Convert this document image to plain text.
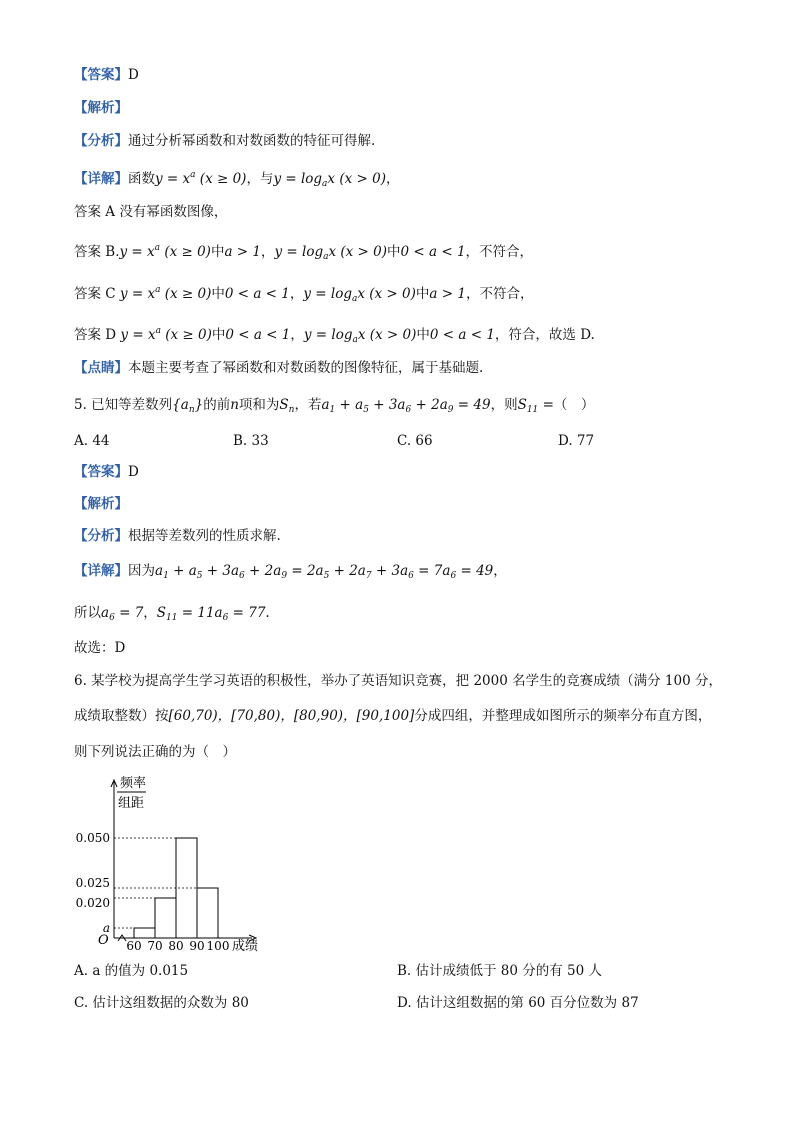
【答案】D
【解析】
【分析】通过分析幂函数和对数函数的特征可得解.
【详解】函数$y = x^a$ (x ≥ 0)，与$y = \log_ax$ (x > 0)，
答案 A 没有幂函数图像，
答案 $B.y = x^a$ (x ≥ 0)中a > 1，$y = \log_ax$ (x > 0)中0 < a < 1，不符合，
答案 C $y = x^a$ (x ≥ 0)中0 < a < 1，$y = \log_ax$ (x > 0)中a > 1，不符合，
答案 D $y = x^a$ (x ≥ 0)中0 < a < 1，$y = \log_ax$ (x > 0)中0 < a < 1，符合，故选 D.
【点睛】本题主要考查了幂函数和对数函数的图像特征，属于基础题.
5. 已知等差数列$\{a_n\}$的前n项和为$S_n$，若$a_1 + a_5 + 3a_6 + 2a_9 = 49$，则$S_{11}$ =（　）
A. 44	B. 33	C. 66	D. 77
【答案】D
【解析】
【分析】根据等差数列的性质求解.
【详解】因为$a_1 + a_5 + 3a_6 + 2a_9 = 2a_5 + 2a_7 + 3a_6 = 7a_6 = 49$，
所以$a_6 = 7$，$S_{11} = 11a_6 = 77$.
故选：D
6. 某学校为提高学生学习英语的积极性，举办了英语知识竞赛，把 2000 名学生的竞赛成绩（满分 100 分，
成绩取整数）按[60,70)，[70,80)，[80,90)，[90,100]分成四组，并整理成如图所示的频率分布直方图，
则下列说法正确的为（　）
频率
组距
O
0.050
0.025
0.020
a
60 70 80 90 100 成绩
A. a 的值为 0.015	B. 估计成绩低于 80 分的有 50 人
C. 估计这组数据的众数为 80	D. 估计这组数据的第 60 百分位数为 87
